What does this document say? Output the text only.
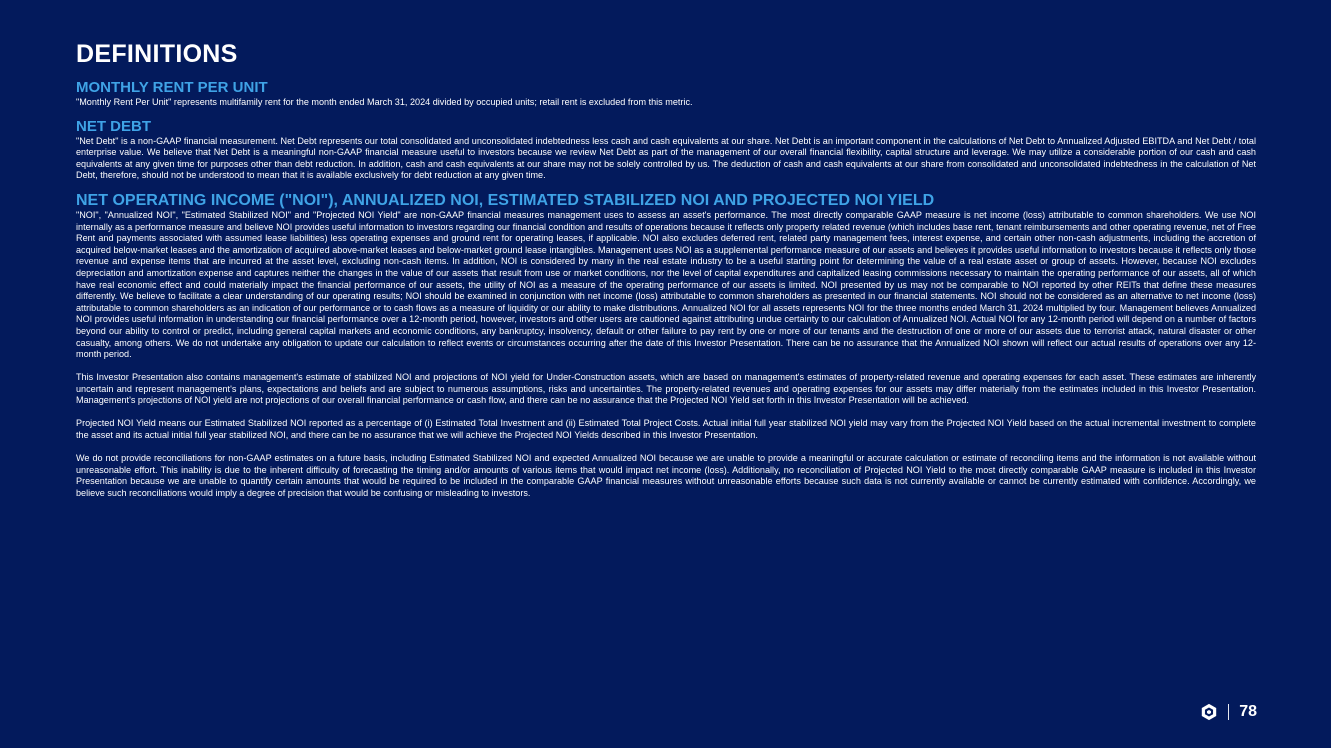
DEFINITIONS
MONTHLY RENT PER UNIT

"Monthly Rent Per Unit" represents multifamily rent for the month ended March 31, 2024 divided by occupied units; retail rent is excluded from this metric.

NET DEBT

"Net Debt" is a non-GAAP financial measurement. Net Debt represents our total consolidated and unconsolidated indebtedness less cash and cash equivalents at our share. Net Debt is an important component in the calculations of Net Debt to Annualized Adjusted EBITDA and Net Debt / total enterprise value. We believe that Net Debt is a meaningful non-GAAP financial measure useful to investors because we review Net Debt as part of the management of our overall financial flexibility, capital structure and leverage. We may utilize a considerable portion of our cash and cash equivalents at any given time for purposes other than debt reduction. In addition, cash and cash equivalents at our share may not be solely controlled by us. The deduction of cash and cash equivalents at our share from consolidated and unconsolidated indebtedness in the calculation of Net Debt, therefore, should not be understood to mean that it is available exclusively for debt reduction at any given time.

NET OPERATING INCOME ("NOI"), ANNUALIZED NOI, ESTIMATED STABILIZED NOI AND PROJECTED NOI YIELD

"NOI", "Annualized NOI", "Estimated Stabilized NOI" and "Projected NOI Yield" are non-GAAP financial measures management uses to assess an asset's performance. The most directly comparable GAAP measure is net income (loss) attributable to common shareholders. We use NOI internally as a performance measure and believe NOI provides useful information to investors regarding our financial condition and results of operations because it reflects only property related revenue (which includes base rent, tenant reimbursements and other operating revenue, net of Free Rent and payments associated with assumed lease liabilities) less operating expenses and ground rent for operating leases, if applicable. NOI also excludes deferred rent, related party management fees, interest expense, and certain other non-cash adjustments, including the accretion of acquired below-market leases and the amortization of acquired above-market leases and below-market ground lease intangibles. Management uses NOI as a supplemental performance measure of our assets and believes it provides useful information to investors because it reflects only those revenue and expense items that are incurred at the asset level, excluding non-cash items. In addition, NOI is considered by many in the real estate industry to be a useful starting point for determining the value of a real estate asset or group of assets. However, because NOI excludes depreciation and amortization expense and captures neither the changes in the value of our assets that result from use or market conditions, nor the level of capital expenditures and capitalized leasing commissions necessary to maintain the operating performance of our assets, all of which have real economic effect and could materially impact the financial performance of our assets, the utility of NOI as a measure of the operating performance of our assets is limited. NOI presented by us may not be comparable to NOI reported by other REITs that define these measures differently. We believe to facilitate a clear understanding of our operating results; NOI should be examined in conjunction with net income (loss) attributable to common shareholders as presented in our financial statements. NOI should not be considered as an alternative to net income (loss) attributable to common shareholders as an indication of our performance or to cash flows as a measure of liquidity or our ability to make distributions. Annualized NOI for all assets represents NOI for the three months ended March 31, 2024 multiplied by four. Management believes Annualized NOI provides useful information in understanding our financial performance over a 12-month period, however, investors and other users are cautioned against attributing undue certainty to our calculation of Annualized NOI. Actual NOI for any 12-month period will depend on a number of factors beyond our ability to control or predict, including general capital markets and economic conditions, any bankruptcy, insolvency, default or other failure to pay rent by one or more of our tenants and the destruction of one or more of our assets due to terrorist attack, natural disaster or other casualty, among others. We do not undertake any obligation to update our calculation to reflect events or circumstances occurring after the date of this Investor Presentation. There can be no assurance that the Annualized NOI shown will reflect our actual results of operations over any 12-month period.

This Investor Presentation also contains management's estimate of stabilized NOI and projections of NOI yield for Under-Construction assets, which are based on management's estimates of property-related revenue and operating expenses for each asset. These estimates are inherently uncertain and represent management's plans, expectations and beliefs and are subject to numerous assumptions, risks and uncertainties. The property-related revenues and operating expenses for our assets may differ materially from the estimates included in this Investor Presentation. Management's projections of NOI yield are not projections of our overall financial performance or cash flow, and there can be no assurance that the Projected NOI Yield set forth in this Investor Presentation will be achieved.

Projected NOI Yield means our Estimated Stabilized NOI reported as a percentage of (i) Estimated Total Investment and (ii) Estimated Total Project Costs. Actual initial full year stabilized NOI yield may vary from the Projected NOI Yield based on the actual incremental investment to complete the asset and its actual initial full year stabilized NOI, and there can be no assurance that we will achieve the Projected NOI Yields described in this Investor Presentation.

We do not provide reconciliations for non-GAAP estimates on a future basis, including Estimated Stabilized NOI and expected Annualized NOI because we are unable to provide a meaningful or accurate calculation or estimate of reconciling items and the information is not available without unreasonable effort. This inability is due to the inherent difficulty of forecasting the timing and/or amounts of various items that would impact net income (loss). Additionally, no reconciliation of Projected NOI Yield to the most directly comparable GAAP measure is included in this Investor Presentation because we are unable to quantify certain amounts that would be required to be included in the comparable GAAP financial measures without unreasonable efforts because such data is not currently available or cannot be currently estimated with confidence. Accordingly, we believe such reconciliations would imply a degree of precision that would be confusing or misleading to investors.

78
